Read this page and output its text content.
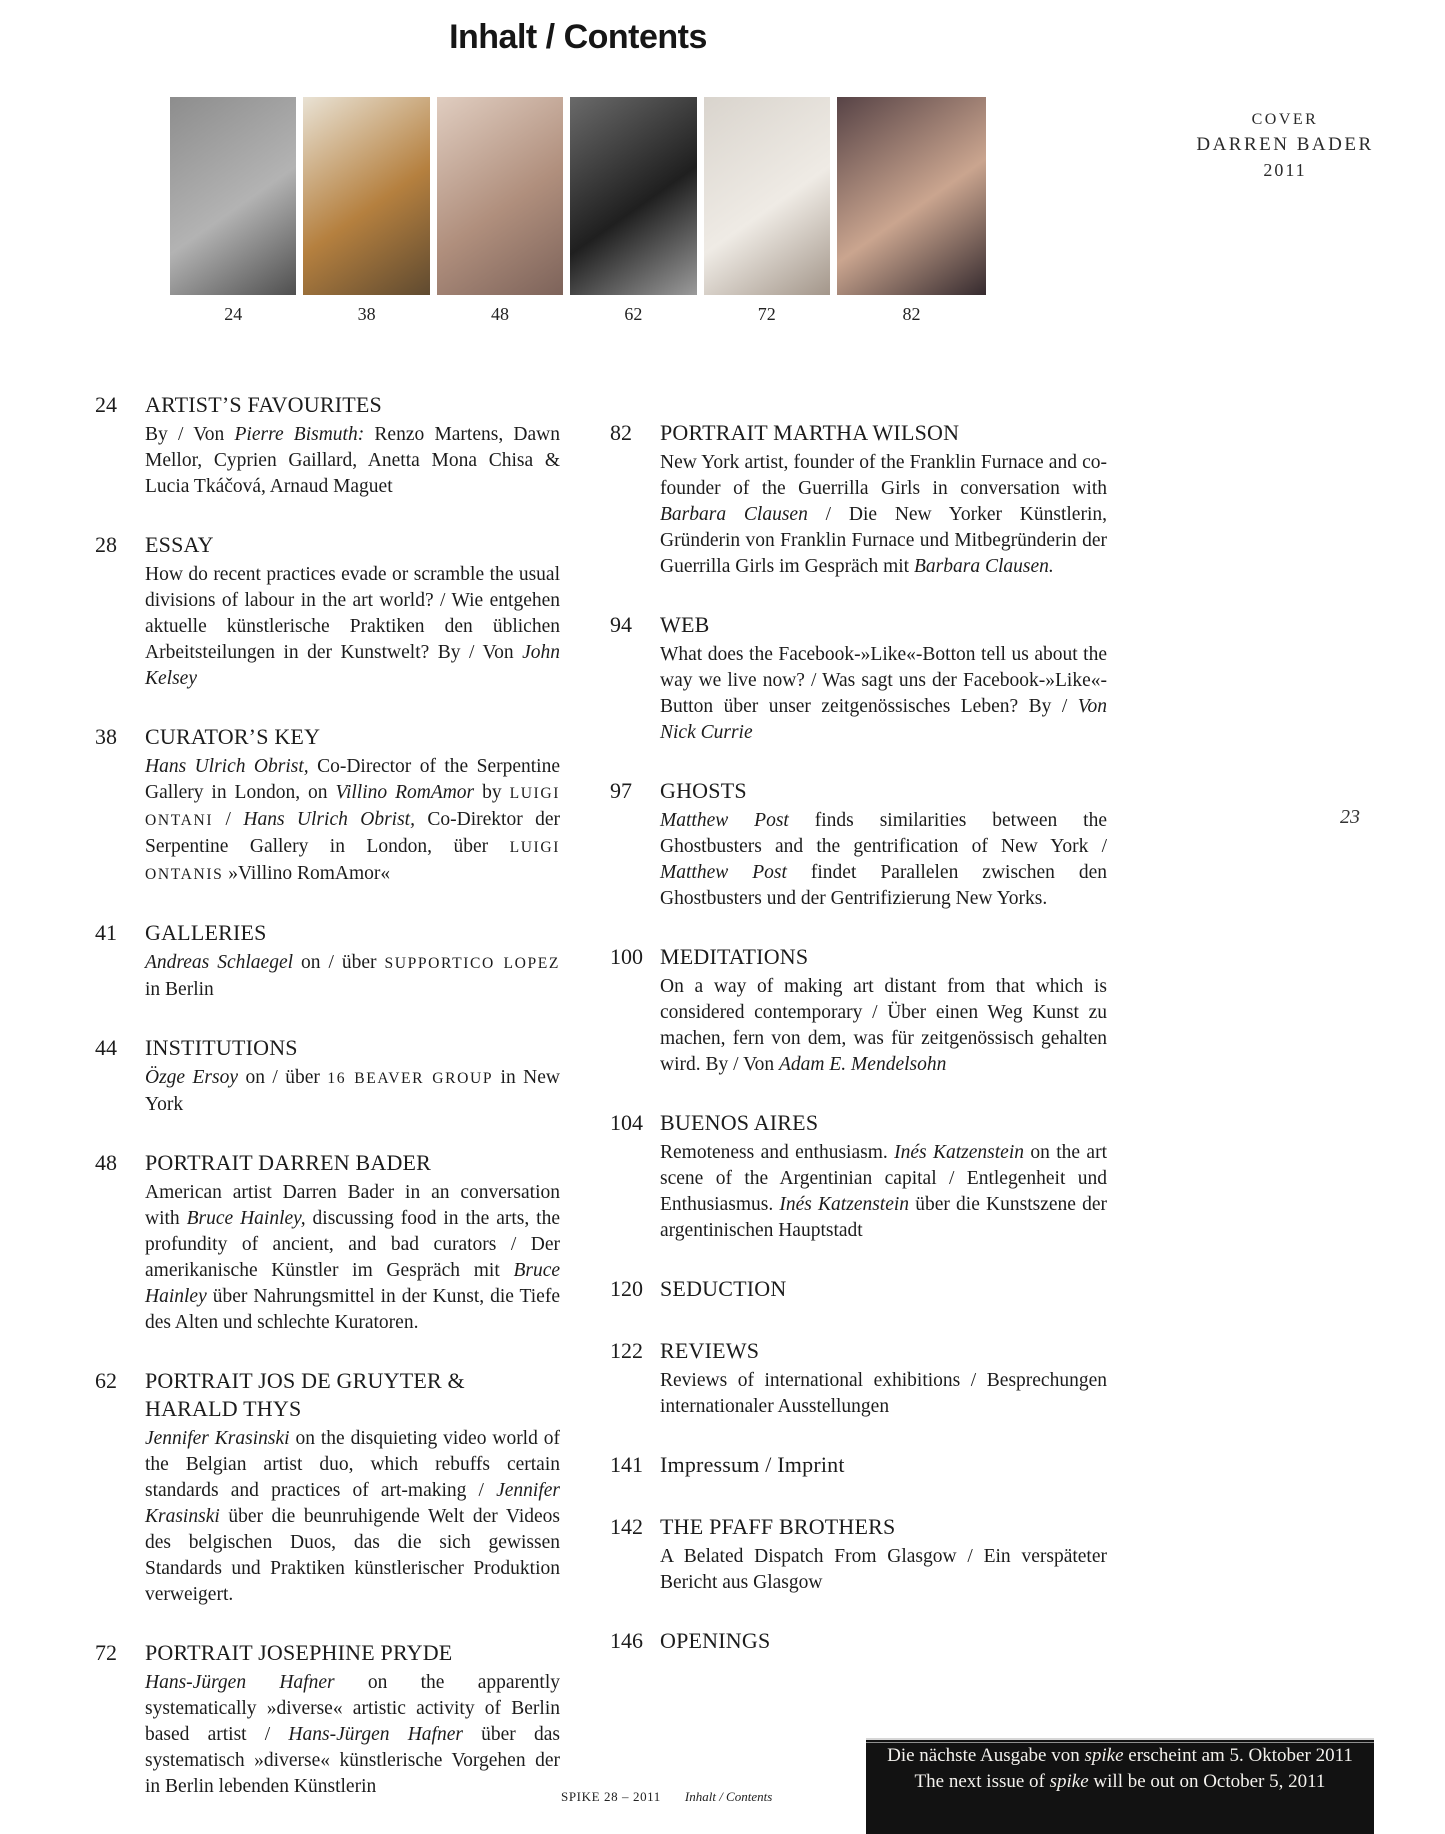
Inhalt / Contents
24	38	48	62	72	82
COVER
DARREN BADER
2011
24	ARTIST’S FAVOURITES
By / Von Pierre Bismuth: Renzo Martens, Dawn Mellor, Cyprien Gaillard, Anetta Mona Chisa & Lucia Tkáčová, Arnaud Maguet
28	ESSAY
How do recent practices evade or scramble the usual divisions of labour in the art world? / Wie entgehen aktuelle künstlerische Praktiken den üblichen Arbeitsteilungen in der Kunstwelt? By / Von John Kelsey
38	CURATOR’S KEY
Hans Ulrich Obrist, Co-Director of the Serpentine Gallery in London, on Villino RomAmor by LUIGI ONTANI / Hans Ulrich Obrist, Co-Direktor der Serpentine Gallery in London, über LUIGI ONTANIS »Villino RomAmor«
41	GALLERIES
Andreas Schlaegel on / über SUPPORTICO LOPEZ in Berlin
44	INSTITUTIONS
Özge Ersoy on / über 16 BEAVER GROUP in New York
48	PORTRAIT DARREN BADER
American artist Darren Bader in an conversation with Bruce Hainley, discussing food in the arts, the profundity of ancient, and bad curators / Der amerikanische Künstler im Gespräch mit Bruce Hainley über Nahrungsmittel in der Kunst, die Tiefe des Alten und schlechte Kuratoren.
62	PORTRAIT JOS DE GRUYTER & HARALD THYS
Jennifer Krasinski on the disquieting video world of the Belgian artist duo, which rebuffs certain standards and practices of art-making / Jennifer Krasinski über die beunruhigende Welt der Videos des belgischen Duos, das die sich gewissen Standards und Praktiken künstlerischer Produktion verweigert.
72	PORTRAIT JOSEPHINE PRYDE
Hans-Jürgen Hafner on the apparently systematically »diverse« artistic activity of Berlin based artist / Hans-Jürgen Hafner über das systematisch »diverse« künstlerische Vorgehen der in Berlin lebenden Künstlerin
82	PORTRAIT MARTHA WILSON
New York artist, founder of the Franklin Furnace and co-founder of the Guerrilla Girls in conversation with Barbara Clausen / Die New Yorker Künstlerin, Gründerin von Franklin Furnace und Mitbegründerin der Guerrilla Girls im Gespräch mit Barbara Clausen.
94	WEB
What does the Facebook-»Like«-Botton tell us about the way we live now? / Was sagt uns der Facebook-»Like«-Button über unser zeitgenössisches Leben? By / Von Nick Currie
97	GHOSTS
Matthew Post finds similarities between the Ghostbusters and the gentrification of New York / Matthew Post findet Parallelen zwischen den Ghostbusters und der Gentrifizierung New Yorks.
100 MEDITATIONS
On a way of making art distant from that which is considered contemporary / Über einen Weg Kunst zu machen, fern von dem, was für zeitgenössisch gehalten wird. By / Von Adam E. Mendelsohn
104 BUENOS AIRES
Remoteness and enthusiasm. Inés Katzenstein on the art scene of the Argentinian capital / Entlegenheit und Enthusiasmus. Inés Katzenstein über die Kunstszene der argentinischen Hauptstadt
120 SEDUCTION
122 REVIEWS
Reviews of international exhibitions / Besprechungen internationaler Ausstellungen
141 Impressum / Imprint
142 THE PFAFF BROTHERS
A Belated Dispatch From Glasgow / Ein verspäteter Bericht aus Glasgow
146 OPENINGS
23
SPIKE 28 – 2011 Inhalt / Contents
Die nächste Ausgabe von spike erscheint am 5. Oktober 2011
The next issue of spike will be out on October 5, 2011
